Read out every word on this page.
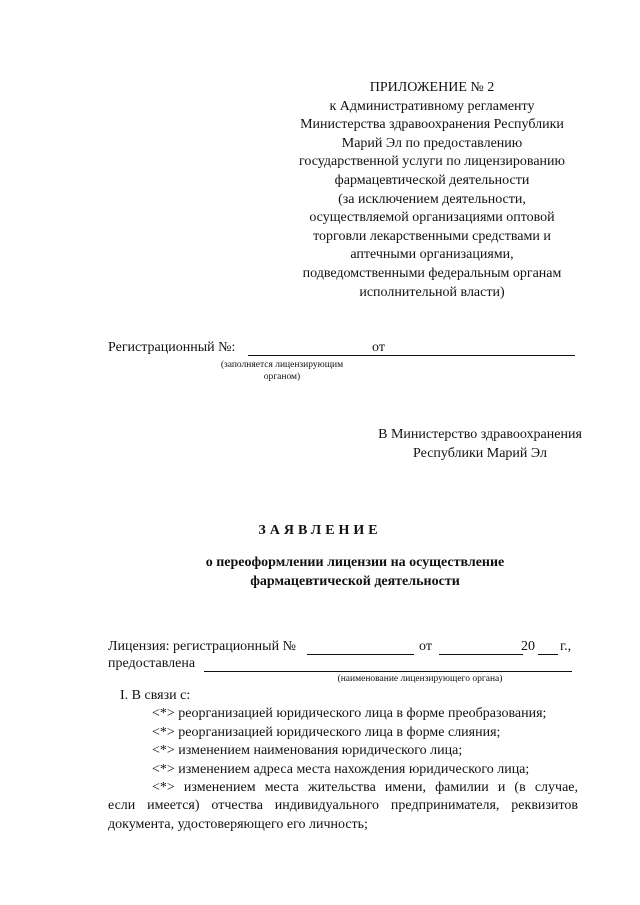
ПРИЛОЖЕНИЕ № 2
к Административному регламенту
Министерства здравоохранения Республики
Марий Эл по предоставлению
государственной услуги по лицензированию
фармацевтической деятельности
(за исключением деятельности,
осуществляемой организациями оптовой
торговли лекарственными средствами и
аптечными организациями,
подведомственными федеральным органам
исполнительной власти)
Регистрационный №:	от
(заполняется лицензирующим
органом)
В Министерство здравоохранения
Республики Марий Эл
ЗАЯВЛЕНИЕ
о переоформлении лицензии на осуществление
фармацевтической деятельности
Лицензия: регистрационный №	от	20 г.,
предоставлена
(наименование лицензирующего органа)
I. В связи с:
<*> реорганизацией юридического лица в форме преобразования;
<*> реорганизацией юридического лица в форме слияния;
<*> изменением наименования юридического лица;
<*> изменением адреса места нахождения юридического лица;
<*> изменением места жительства имени, фамилии и (в случае,
если имеется) отчества индивидуального предпринимателя, реквизитов
документа, удостоверяющего его личность;
